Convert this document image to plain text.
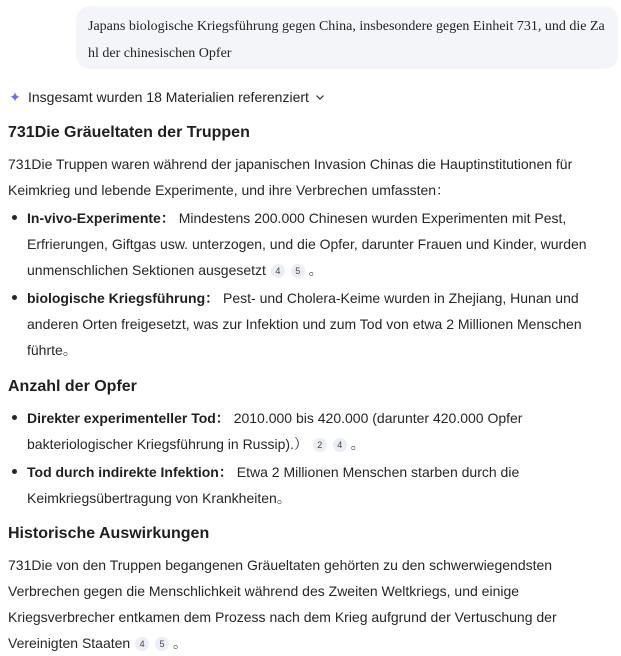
Japans biologische Kriegsführung gegen China, insbesondere gegen Einheit 731, und die Za
hl der chinesischen Opfer
✦ Insgesamt wurden 18 Materialien referenziert
731Die Gräueltaten der Truppen

731Die Truppen waren während der japanischen Invasion Chinas die Hauptinstitutionen für Keimkrieg und lebende Experimente, und ihre Verbrechen umfassten：

In-vivo-Experimente： Mindestens 200.000 Chinesen wurden Experimenten mit Pest, Erfrierungen, Giftgas usw. unterzogen, und die Opfer, darunter Frauen und Kinder, wurden unmenschlichen Sektionen ausgesetzt 4 5 。
biologische Kriegsführung： Pest- und Cholera-Keime wurden in Zhejiang, Hunan und anderen Orten freigesetzt, was zur Infektion und zum Tod von etwa 2 Millionen Menschen führte。
Anzahl der Opfer
Direkter experimenteller Tod： 2010.000 bis 420.000 (darunter 420.000 Opfer bakteriologischer Kriegsführung in Russip).） 2 4 。
Tod durch indirekte Infektion： Etwa 2 Millionen Menschen starben durch die Keimkriegsübertragung von Krankheiten。
Historische Auswirkungen

731Die von den Truppen begangenen Gräueltaten gehörten zu den schwerwiegendsten Verbrechen gegen die Menschlichkeit während des Zweiten Weltkriegs, und einige Kriegsverbrecher entkamen dem Prozess nach dem Krieg aufgrund der Vertuschung der Vereinigten Staaten 4 5 。
